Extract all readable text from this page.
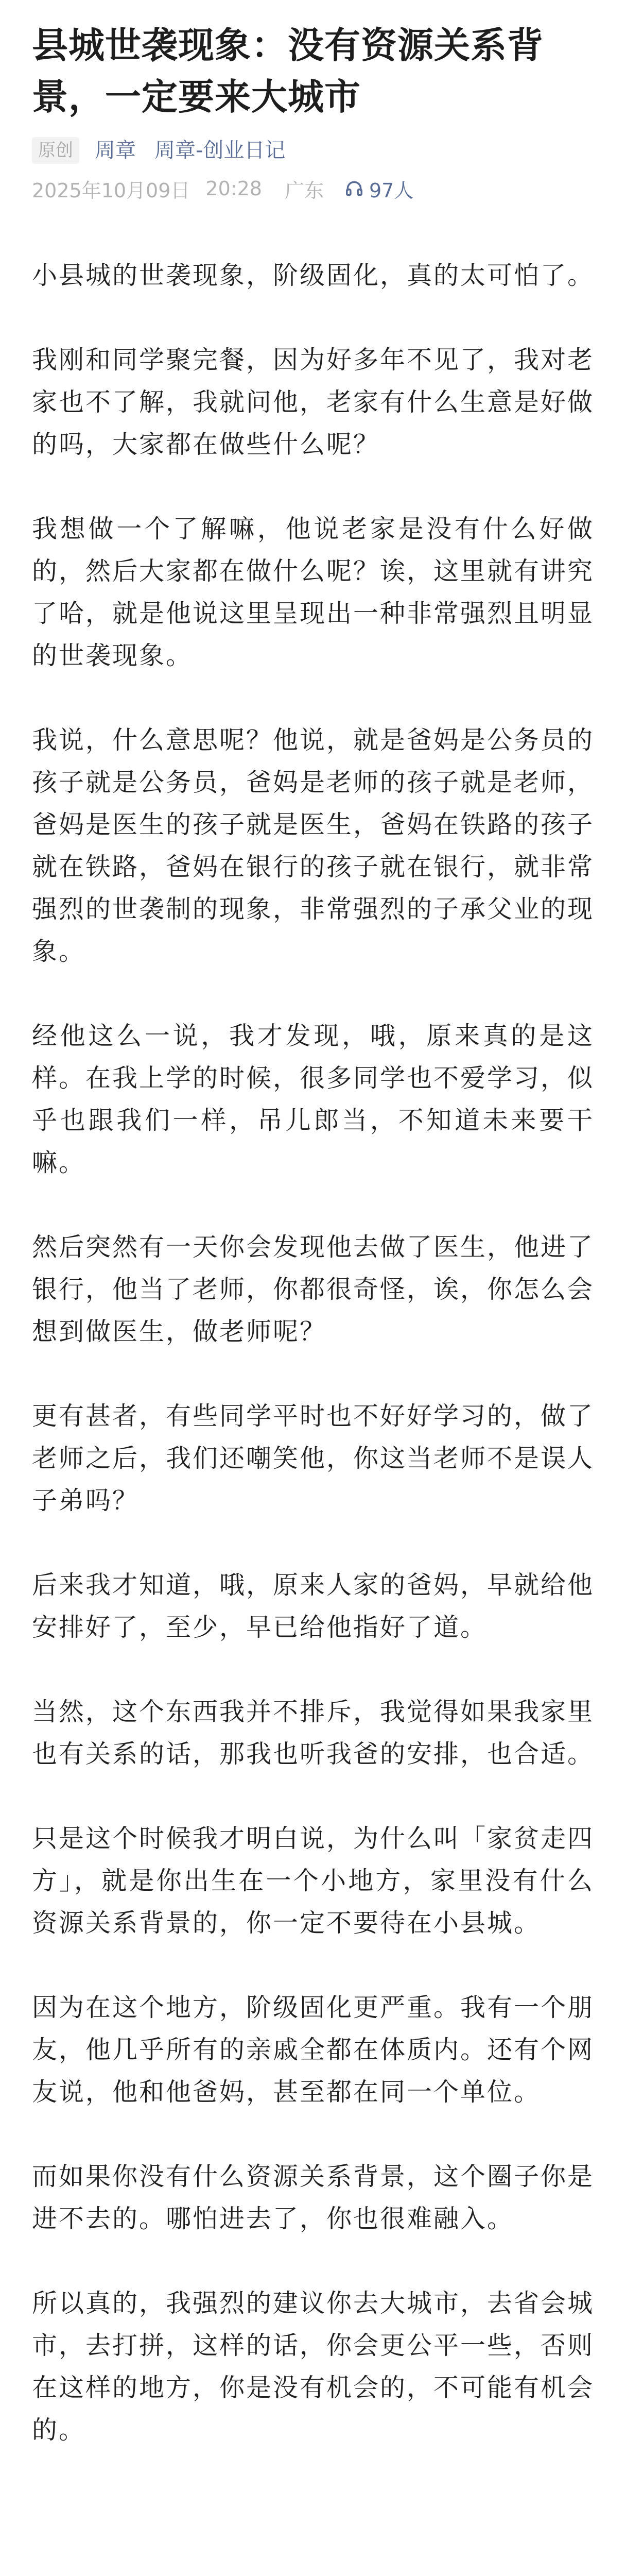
县城世袭现象：没有资源关系背景，一定要来大城市
原创	周章 周章-创业日记
2025年10月09日 20:28 广东 97人

小县城的世袭现象，阶级固化，真的太可怕了。

我刚和同学聚完餐，因为好多年不见了，我对老家也不了解，我就问他，老家有什么生意是好做的吗，大家都在做些什么呢？

我想做一个了解嘛，他说老家是没有什么好做的，然后大家都在做什么呢？诶，这里就有讲究了哈，就是他说这里呈现出一种非常强烈且明显的世袭现象。

我说，什么意思呢？他说，就是爸妈是公务员的孩子就是公务员，爸妈是老师的孩子就是老师，爸妈是医生的孩子就是医生，爸妈在铁路的孩子就在铁路，爸妈在银行的孩子就在银行，就非常强烈的世袭制的现象，非常强烈的子承父业的现象。

经他这么一说，我才发现，哦，原来真的是这样。在我上学的时候，很多同学也不爱学习，似乎也跟我们一样，吊儿郎当，不知道未来要干嘛。

然后突然有一天你会发现他去做了医生，他进了银行，他当了老师，你都很奇怪，诶，你怎么会想到做医生，做老师呢？

更有甚者，有些同学平时也不好好学习的，做了老师之后，我们还嘲笑他，你这当老师不是误人子弟吗？

后来我才知道，哦，原来人家的爸妈，早就给他安排好了，至少，早已给他指好了道。

当然，这个东西我并不排斥，我觉得如果我家里也有关系的话，那我也听我爸的安排，也合适。

只是这个时候我才明白说，为什么叫「家贫走四方」，就是你出生在一个小地方，家里没有什么资源关系背景的，你一定不要待在小县城。

因为在这个地方，阶级固化更严重。我有一个朋友，他几乎所有的亲戚全都在体质内。还有个网友说，他和他爸妈，甚至都在同一个单位。

而如果你没有什么资源关系背景，这个圈子你是进不去的。哪怕进去了，你也很难融入。

所以真的，我强烈的建议你去大城市，去省会城市，去打拼，这样的话，你会更公平一些，否则在这样的地方，你是没有机会的，不可能有机会的。
